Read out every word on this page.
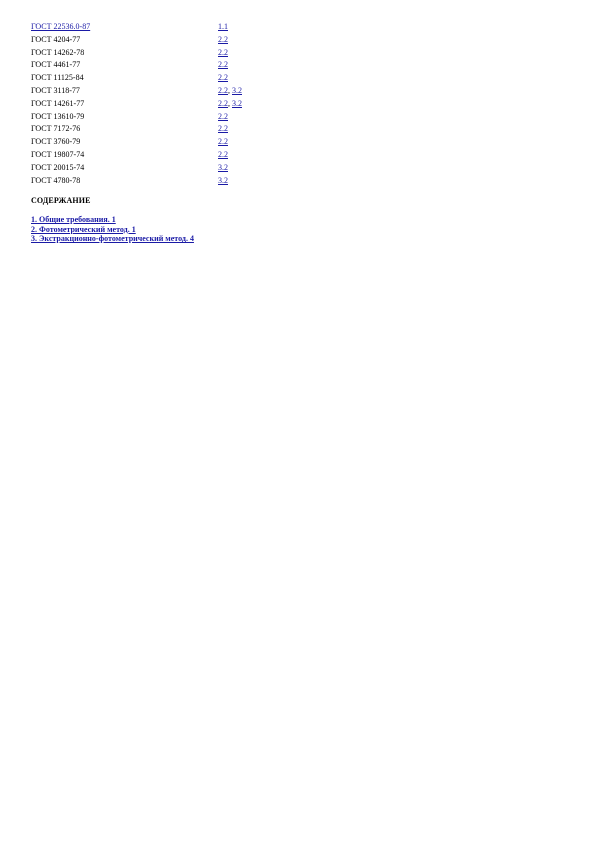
ГОСТ 22536.0-87	1.1
ГОСТ 4204-77	2.2
ГОСТ 14262-78	2.2
ГОСТ 4461-77	2.2
ГОСТ 11125-84	2.2
ГОСТ 3118-77	2.2, 3.2
ГОСТ 14261-77	2.2, 3.2
ГОСТ 13610-79	2.2
ГОСТ 7172-76	2.2
ГОСТ 3760-79	2.2
ГОСТ 19807-74	2.2
ГОСТ 20015-74	3.2
ГОСТ 4780-78	3.2
СОДЕРЖАНИЕ
1. Общие требования. 1
2. Фотометрический метод. 1
3. Экстракционно-фотометрический метод. 4
